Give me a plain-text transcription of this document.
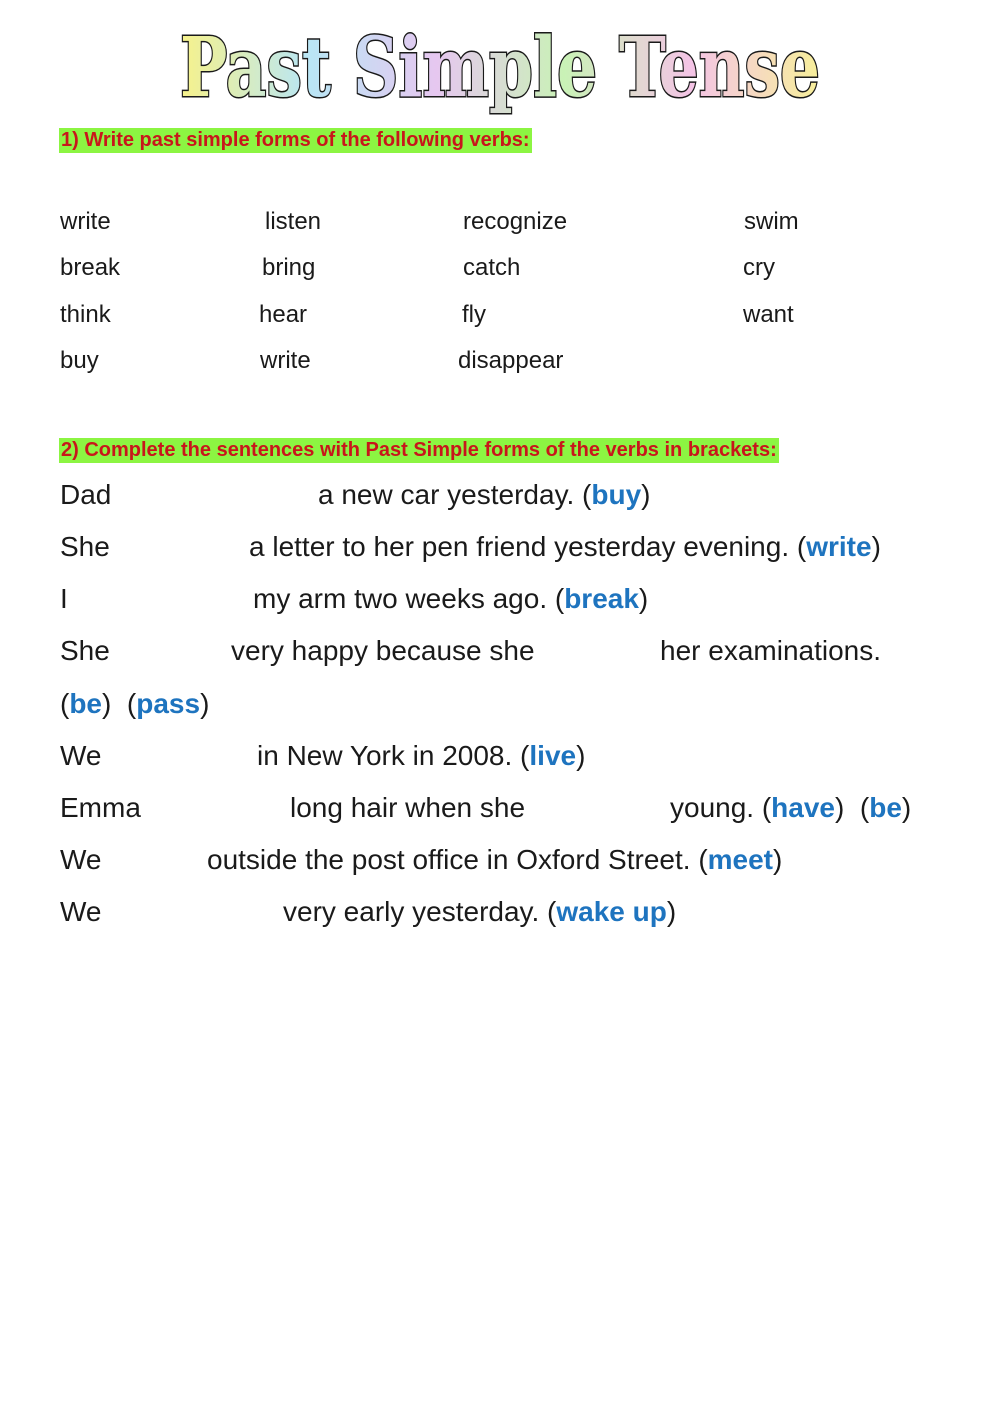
Past Simple Tense
1) Write past simple forms of the following verbs:
write	listen	recognize	swim
break	bring	catch	cry
think	hear	fly	want
buy	write	disappear
2) Complete the sentences with Past Simple forms of the verbs in brackets:
Dad	a new car yesterday. (buy)
She	a letter to her pen friend yesterday evening. (write)
I	my arm two weeks ago. (break)
She	very happy because she	her examinations.
(be)  (pass)
We	in New York in 2008. (live)
Emma	long hair when she	young. (have)  (be)
We	outside the post office in Oxford Street. (meet)
We	very early yesterday. (wake up)
